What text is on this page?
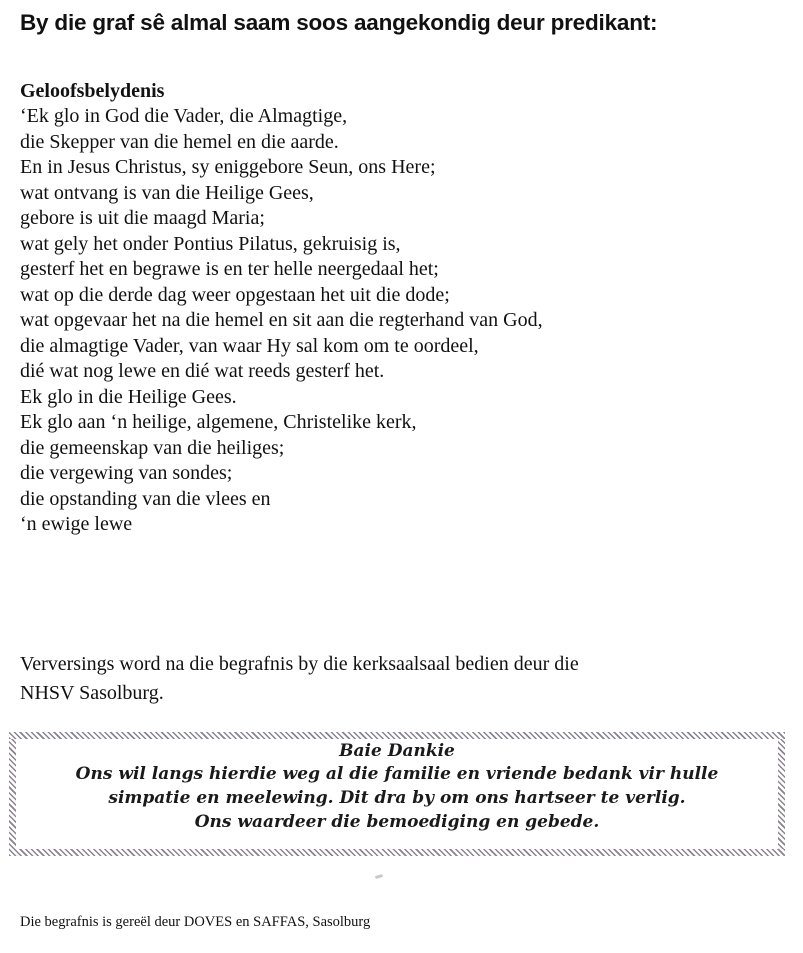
By die graf sê almal saam soos aangekondig deur predikant:

Geloofsbelydenis

‘Ek glo in God die Vader, die Almagtige,
die Skepper van die hemel en die aarde.
En in Jesus Christus, sy eniggebore Seun, ons Here;
wat ontvang is van die Heilige Gees,
gebore is uit die maagd Maria;
wat gely het onder Pontius Pilatus, gekruisig is,
gesterf het en begrawe is en ter helle neergedaal het;
wat op die derde dag weer opgestaan het uit die dode;
wat opgevaar het na die hemel en sit aan die regterhand van God,
die almagtige Vader, van waar Hy sal kom om te oordeel,
dié wat nog lewe en dié wat reeds gesterf het.
Ek glo in die Heilige Gees.
Ek glo aan ‘n heilige, algemene, Christelike kerk,
die gemeenskap van die heiliges;
die vergewing van sondes;
die opstanding van die vlees en
‘n ewige lewe

Verversings word na die begrafnis by die kerksaalsaal bedien deur die
NHSV Sasolburg.

Baie Dankie

Ons wil langs hierdie weg al die familie en vriende bedank vir hulle

simpatie en meelewing. Dit dra by om ons hartseer te verlig.

Ons waardeer die bemoediging en gebede.

Die begrafnis is gereël deur DOVES en SAFFAS, Sasolburg
